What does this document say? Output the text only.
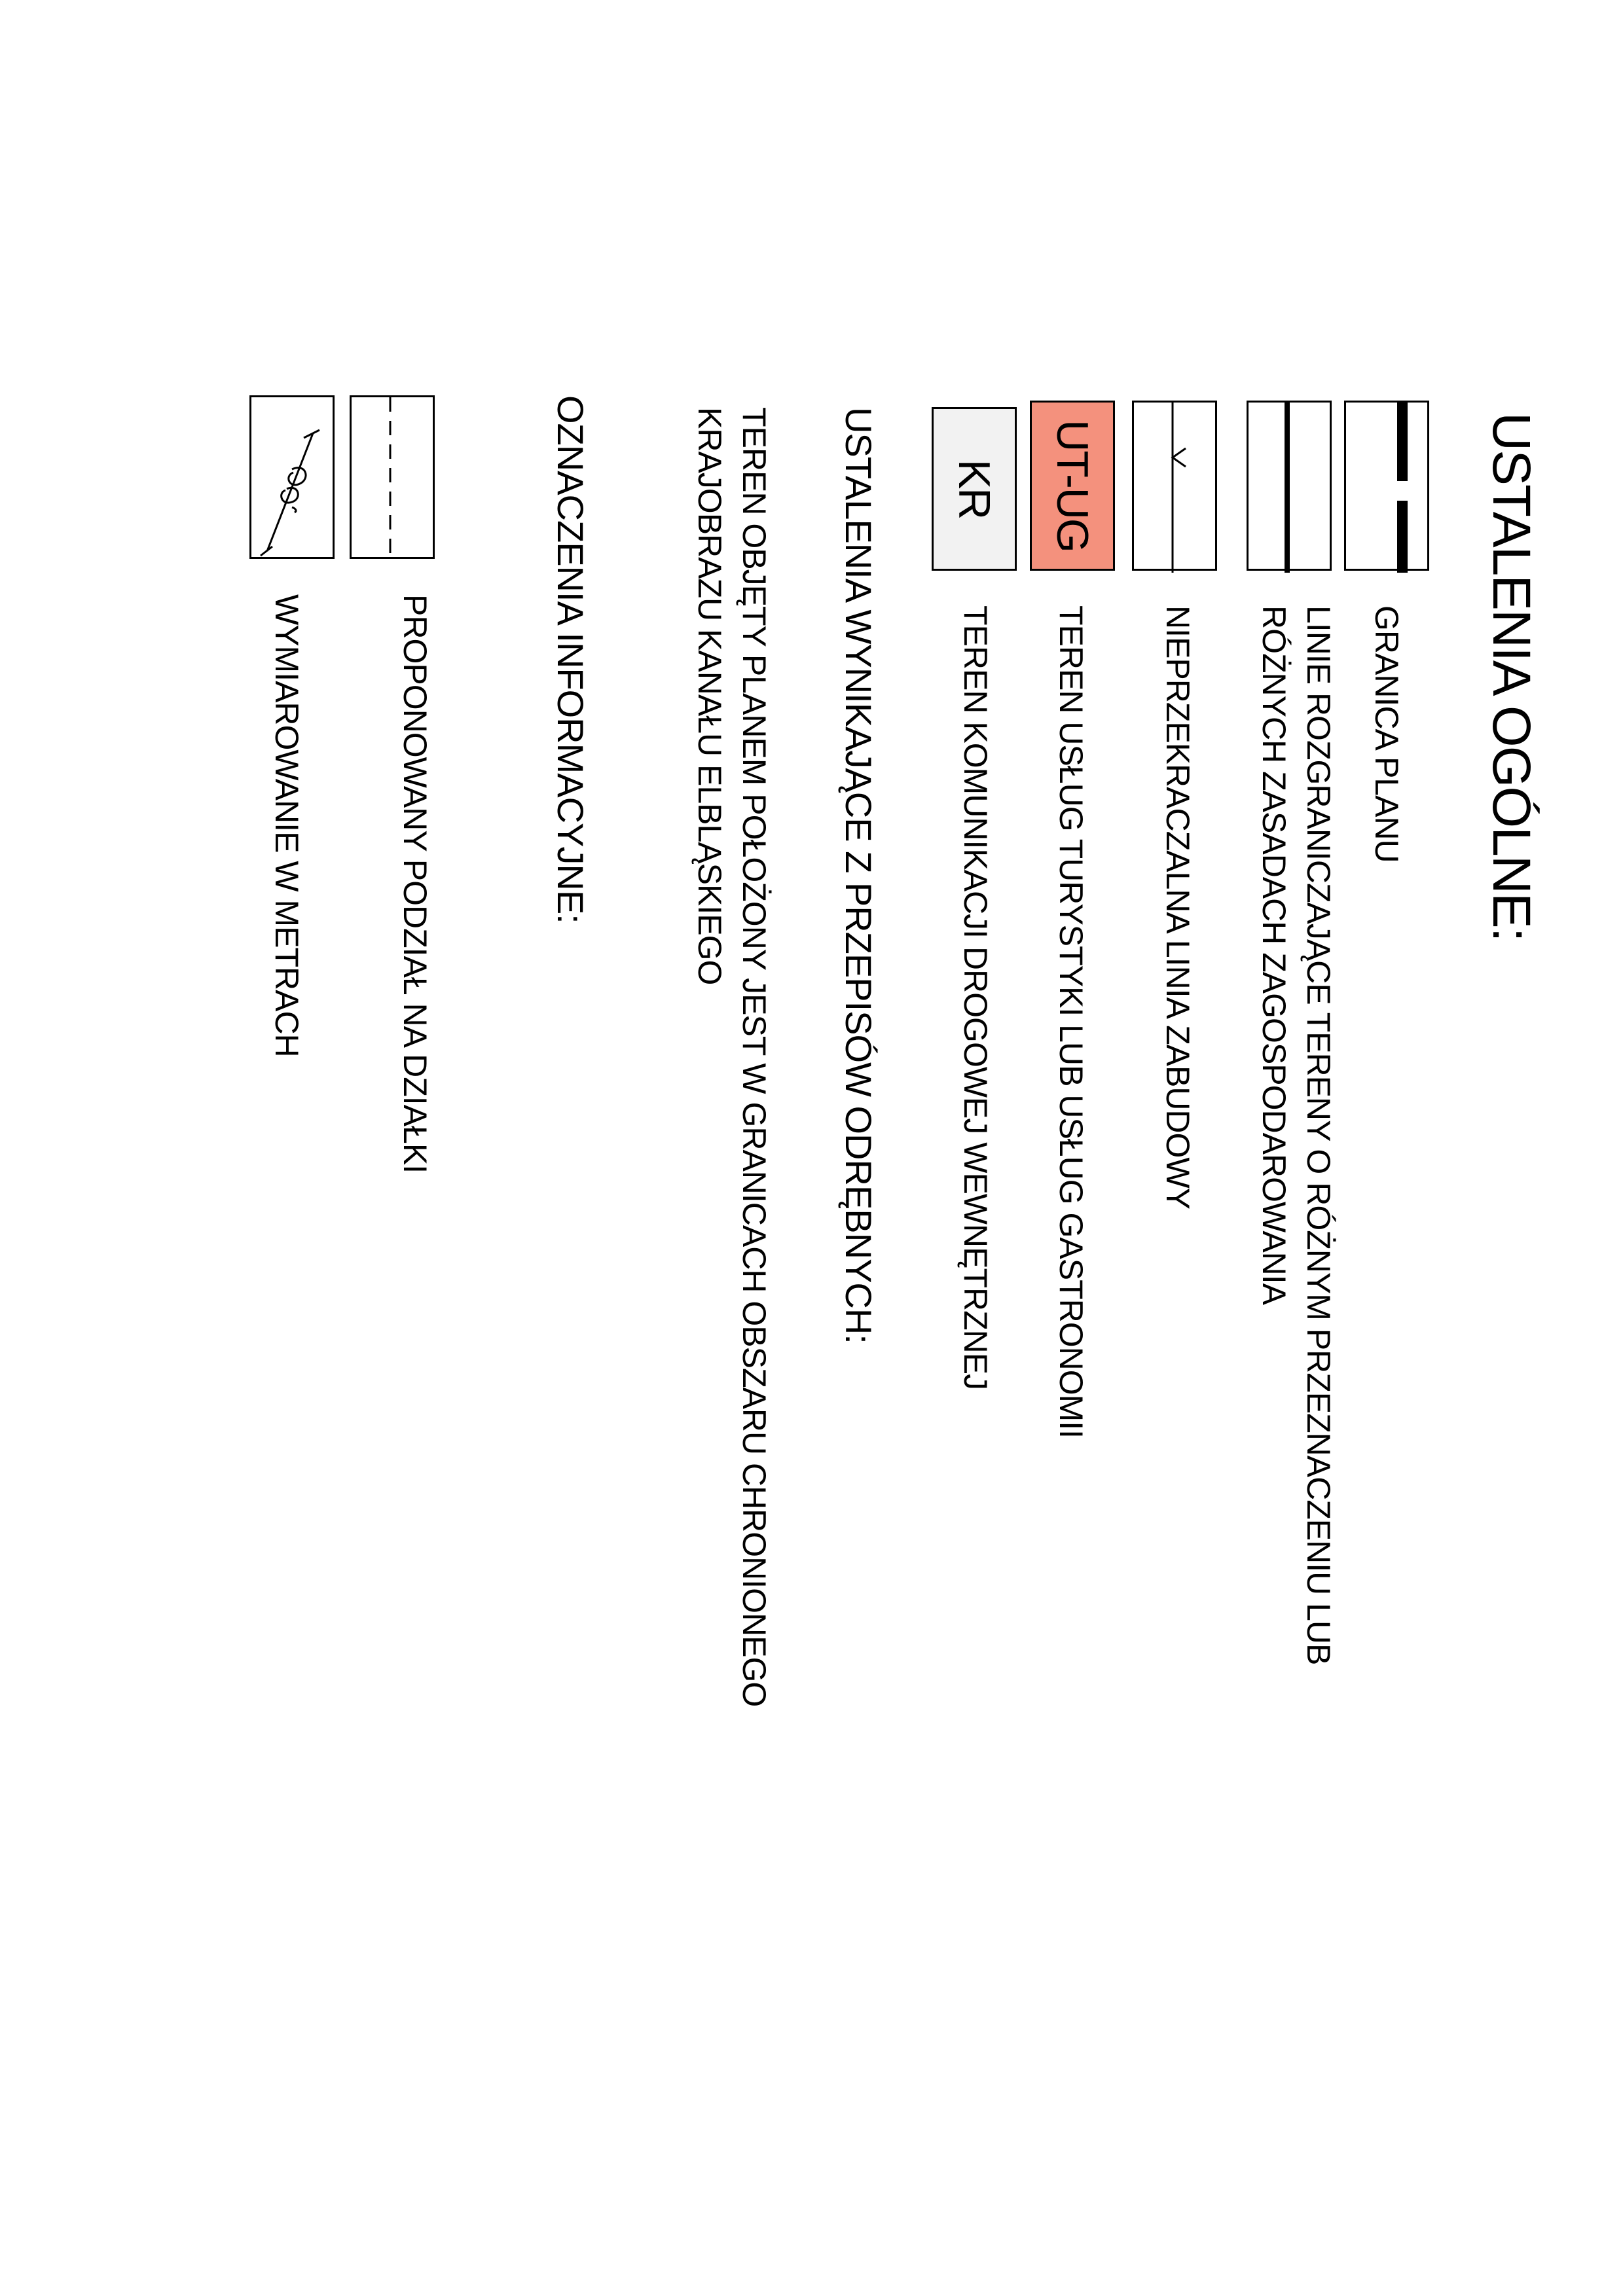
USTALENIA OGÓLNE:
GRANICA PLANU
LINIE ROZGRANICZAJĄCE TERENY O RÓŻNYM PRZEZNACZENIU LUB
RÓŻNYCH ZASADACH ZAGOSPODAROWANIA
NIEPRZEKRACZALNA LINIA ZABUDOWY
UT-UG
TEREN USŁUG TURYSTYKI LUB USŁUG GASTRONOMII
KR
TEREN KOMUNIKACJI DROGOWEJ WEWNĘTRZNEJ
USTALENIA WYNIKAJĄCE Z PRZEPISÓW ODRĘBNYCH:
TEREN OBJĘTY PLANEM POŁOŻONY JEST W GRANICACH OBSZARU CHRONIONEGO
KRAJOBRAZU KANAŁU ELBLĄSKIEGO
OZNACZENIA INFORMACYJNE:
PROPONOWANY PODZIAŁ NA DZIAŁKI
WYMIAROWANIE W METRACH
